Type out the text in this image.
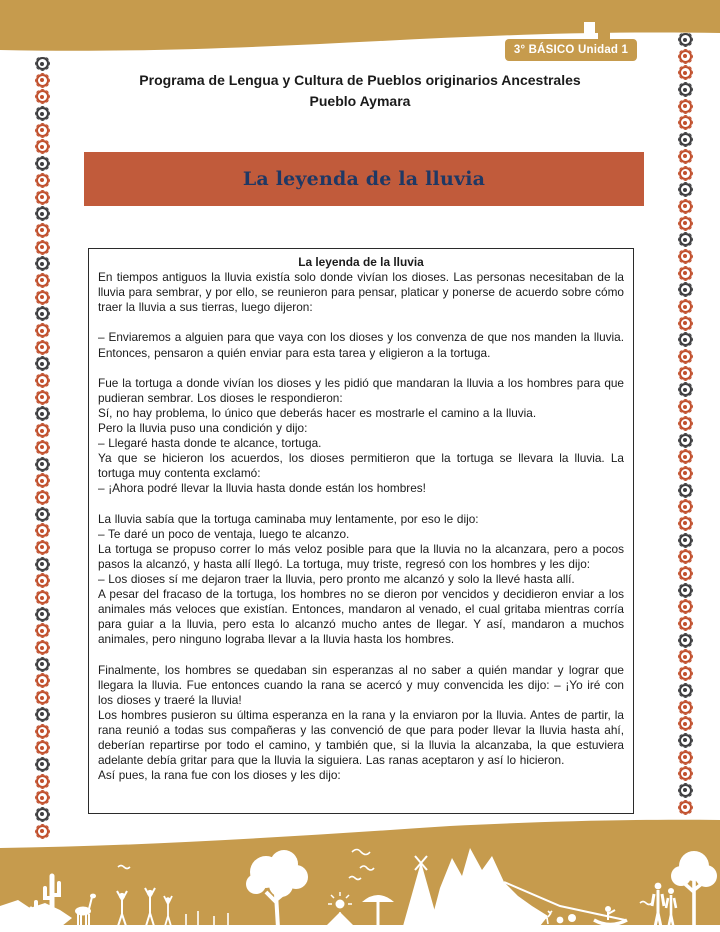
3° BÁSICO Unidad 1
Programa de Lengua y Cultura de Pueblos originarios Ancestrales
Pueblo Aymara
La leyenda de la lluvia
La leyenda de la lluvia

En tiempos antiguos la lluvia existía solo donde vivían los dioses. Las personas necesitaban de la lluvia para sembrar, y por ello, se reunieron para pensar, platicar y ponerse de acuerdo sobre cómo traer la lluvia a sus tierras, luego dijeron:

– Enviaremos a alguien para que vaya con los dioses y los convenza de que nos manden la lluvia. Entonces, pensaron a quién enviar para esta tarea y eligieron a la tortuga.

Fue la tortuga a donde vivían los dioses y les pidió que mandaran la lluvia a los hombres para que pudieran sembrar. Los dioses le respondieron:

Sí, no hay problema, lo único que deberás hacer es mostrarle el camino a la lluvia.

Pero la lluvia puso una condición y dijo:

– Llegaré hasta donde te alcance, tortuga.

Ya que se hicieron los acuerdos, los dioses permitieron que la tortuga se llevara la lluvia. La tortuga muy contenta exclamó:

– ¡Ahora podré llevar la lluvia hasta donde están los hombres!

La lluvia sabía que la tortuga caminaba muy lentamente, por eso le dijo:

– Te daré un poco de ventaja, luego te alcanzo.

La tortuga se propuso correr lo más veloz posible para que la lluvia no la alcanzara, pero a pocos pasos la alcanzó, y hasta allí llegó. La tortuga, muy triste, regresó con los hombres y les dijo:

– Los dioses sí me dejaron traer la lluvia, pero pronto me alcanzó y solo la llevé hasta allí.

A pesar del fracaso de la tortuga, los hombres no se dieron por vencidos y decidieron enviar a los animales más veloces que existían. Entonces, mandaron al venado, el cual gritaba mientras corría para guiar a la lluvia, pero esta lo alcanzó mucho antes de llegar. Y así, mandaron a muchos animales, pero ninguno lograba llevar a la lluvia hasta los hombres.

Finalmente, los hombres se quedaban sin esperanzas al no saber a quién mandar y lograr que llegara la lluvia. Fue entonces cuando la rana se acercó y muy convencida les dijo: – ¡Yo iré con los dioses y traeré la lluvia!

Los hombres pusieron su última esperanza en la rana y la enviaron por la lluvia. Antes de partir, la rana reunió a todas sus compañeras y las convenció de que para poder llevar la lluvia hasta ahí, deberían repartirse por todo el camino, y también que, si la lluvia la alcanzaba, la que estuviera adelante debía gritar para que la lluvia la siguiera. Las ranas aceptaron y así lo hicieron.

Así pues, la rana fue con los dioses y les dijo:
